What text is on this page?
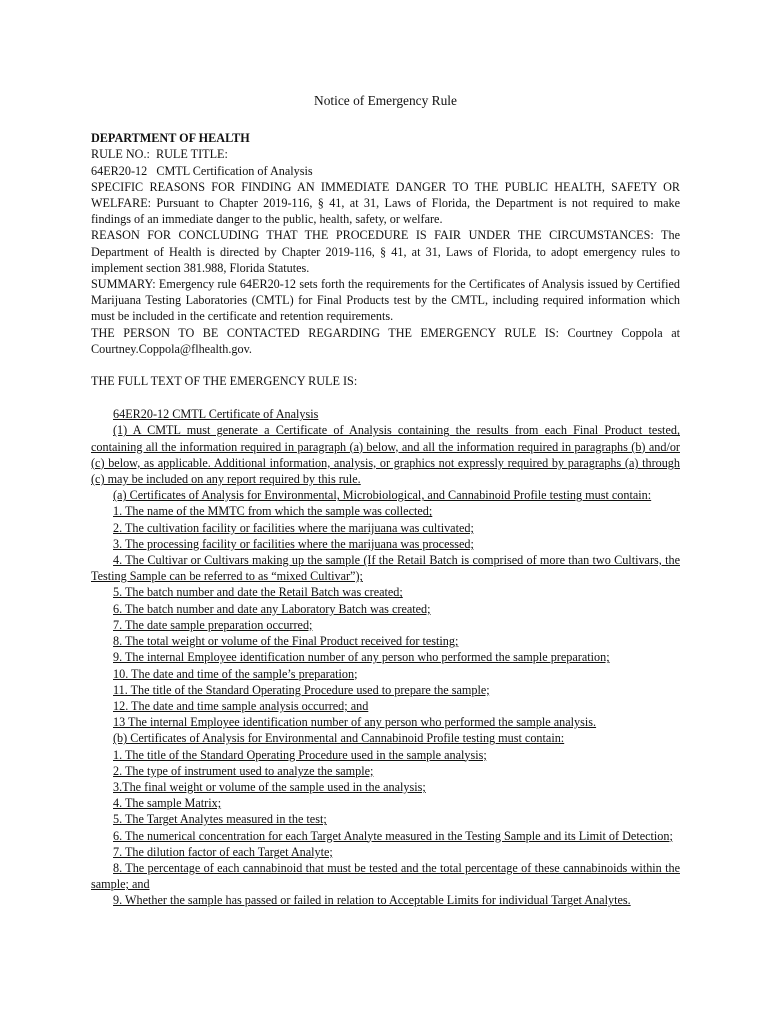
Notice of Emergency Rule

DEPARTMENT OF HEALTH

RULE NO.:  RULE TITLE:

64ER20-12   CMTL Certification of Analysis

SPECIFIC REASONS FOR FINDING AN IMMEDIATE DANGER TO THE PUBLIC HEALTH, SAFETY OR WELFARE: Pursuant to Chapter 2019-116, § 41, at 31, Laws of Florida, the Department is not required to make findings of an immediate danger to the public, health, safety, or welfare.

REASON FOR CONCLUDING THAT THE PROCEDURE IS FAIR UNDER THE CIRCUMSTANCES: The Department of Health is directed by Chapter 2019-116, § 41, at 31, Laws of Florida, to adopt emergency rules to implement section 381.988, Florida Statutes.

SUMMARY: Emergency rule 64ER20-12 sets forth the requirements for the Certificates of Analysis issued by Certified Marijuana Testing Laboratories (CMTL) for Final Products test by the CMTL, including required information which must be included in the certificate and retention requirements.

THE PERSON TO BE CONTACTED REGARDING THE EMERGENCY RULE IS: Courtney Coppola at Courtney.Coppola@flhealth.gov.

THE FULL TEXT OF THE EMERGENCY RULE IS:

64ER20-12 CMTL Certificate of Analysis

(1) A CMTL must generate a Certificate of Analysis containing the results from each Final Product tested, containing all the information required in paragraph (a) below, and all the information required in paragraphs (b) and/or (c) below, as applicable. Additional information, analysis, or graphics not expressly required by paragraphs (a) through (c) may be included on any report required by this rule.

(a) Certificates of Analysis for Environmental, Microbiological, and Cannabinoid Profile testing must contain:

1. The name of the MMTC from which the sample was collected;

2. The cultivation facility or facilities where the marijuana was cultivated;

3. The processing facility or facilities where the marijuana was processed;

4. The Cultivar or Cultivars making up the sample (If the Retail Batch is comprised of more than two Cultivars, the Testing Sample can be referred to as “mixed Cultivar”);

5. The batch number and date the Retail Batch was created;

6. The batch number and date any Laboratory Batch was created;

7. The date sample preparation occurred;

8. The total weight or volume of the Final Product received for testing;

9. The internal Employee identification number of any person who performed the sample preparation;

10. The date and time of the sample’s preparation;

11. The title of the Standard Operating Procedure used to prepare the sample;

12. The date and time sample analysis occurred; and

13 The internal Employee identification number of any person who performed the sample analysis.

(b) Certificates of Analysis for Environmental and Cannabinoid Profile testing must contain:

1. The title of the Standard Operating Procedure used in the sample analysis;

2. The type of instrument used to analyze the sample;

3.The final weight or volume of the sample used in the analysis;

4. The sample Matrix;

5. The Target Analytes measured in the test;

6. The numerical concentration for each Target Analyte measured in the Testing Sample and its Limit of Detection;

7. The dilution factor of each Target Analyte;

8. The percentage of each cannabinoid that must be tested and the total percentage of these cannabinoids within the sample; and

9. Whether the sample has passed or failed in relation to Acceptable Limits for individual Target Analytes.
